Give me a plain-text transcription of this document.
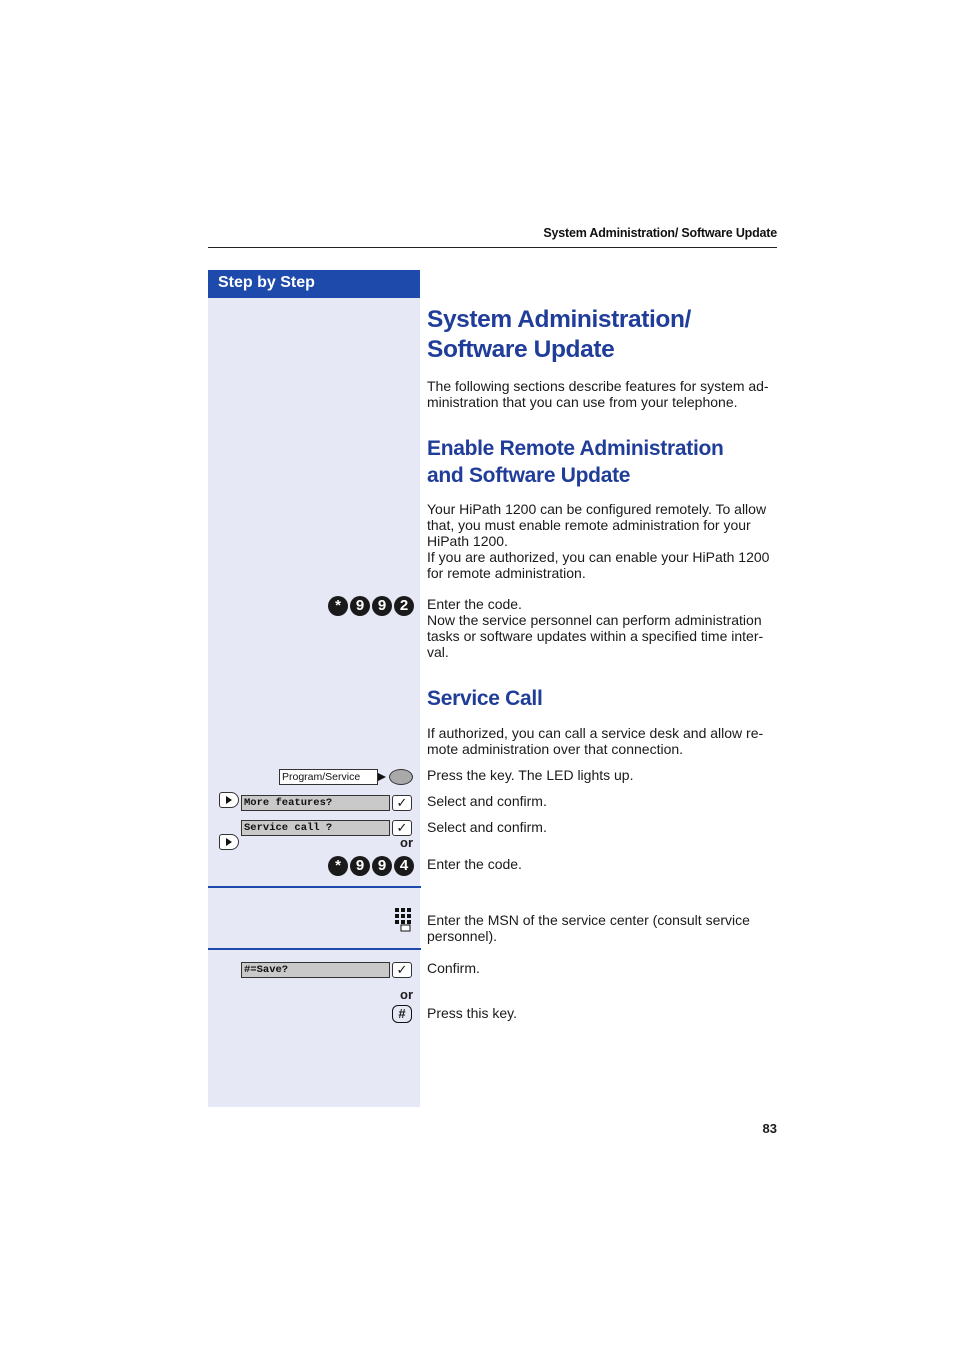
System Administration/ Software Update
Step by Step
System Administration/
Software Update
The following sections describe features for system ad-
ministration that you can use from your telephone.
Enable Remote Administration
and Software Update
Your HiPath 1200 can be configured remotely. To allow
that, you must enable remote administration for your
HiPath 1200.
If you are authorized, you can enable your HiPath 1200
for remote administration.
* 9 9 2	Enter the code.
Now the service personnel can perform administration
tasks or software updates within a specified time inter-
val.
Service Call
If authorized, you can call a service desk and allow re-
mote administration over that connection.
Program/Service	Press the key. The LED lights up.
More features?	✓	Select and confirm.
Service call ?	✓	Select and confirm.
or
* 9 9 4	Enter the code.
Enter the MSN of the service center (consult service
personnel).
#=Save?	✓	Confirm.
or
#	Press this key.
83
